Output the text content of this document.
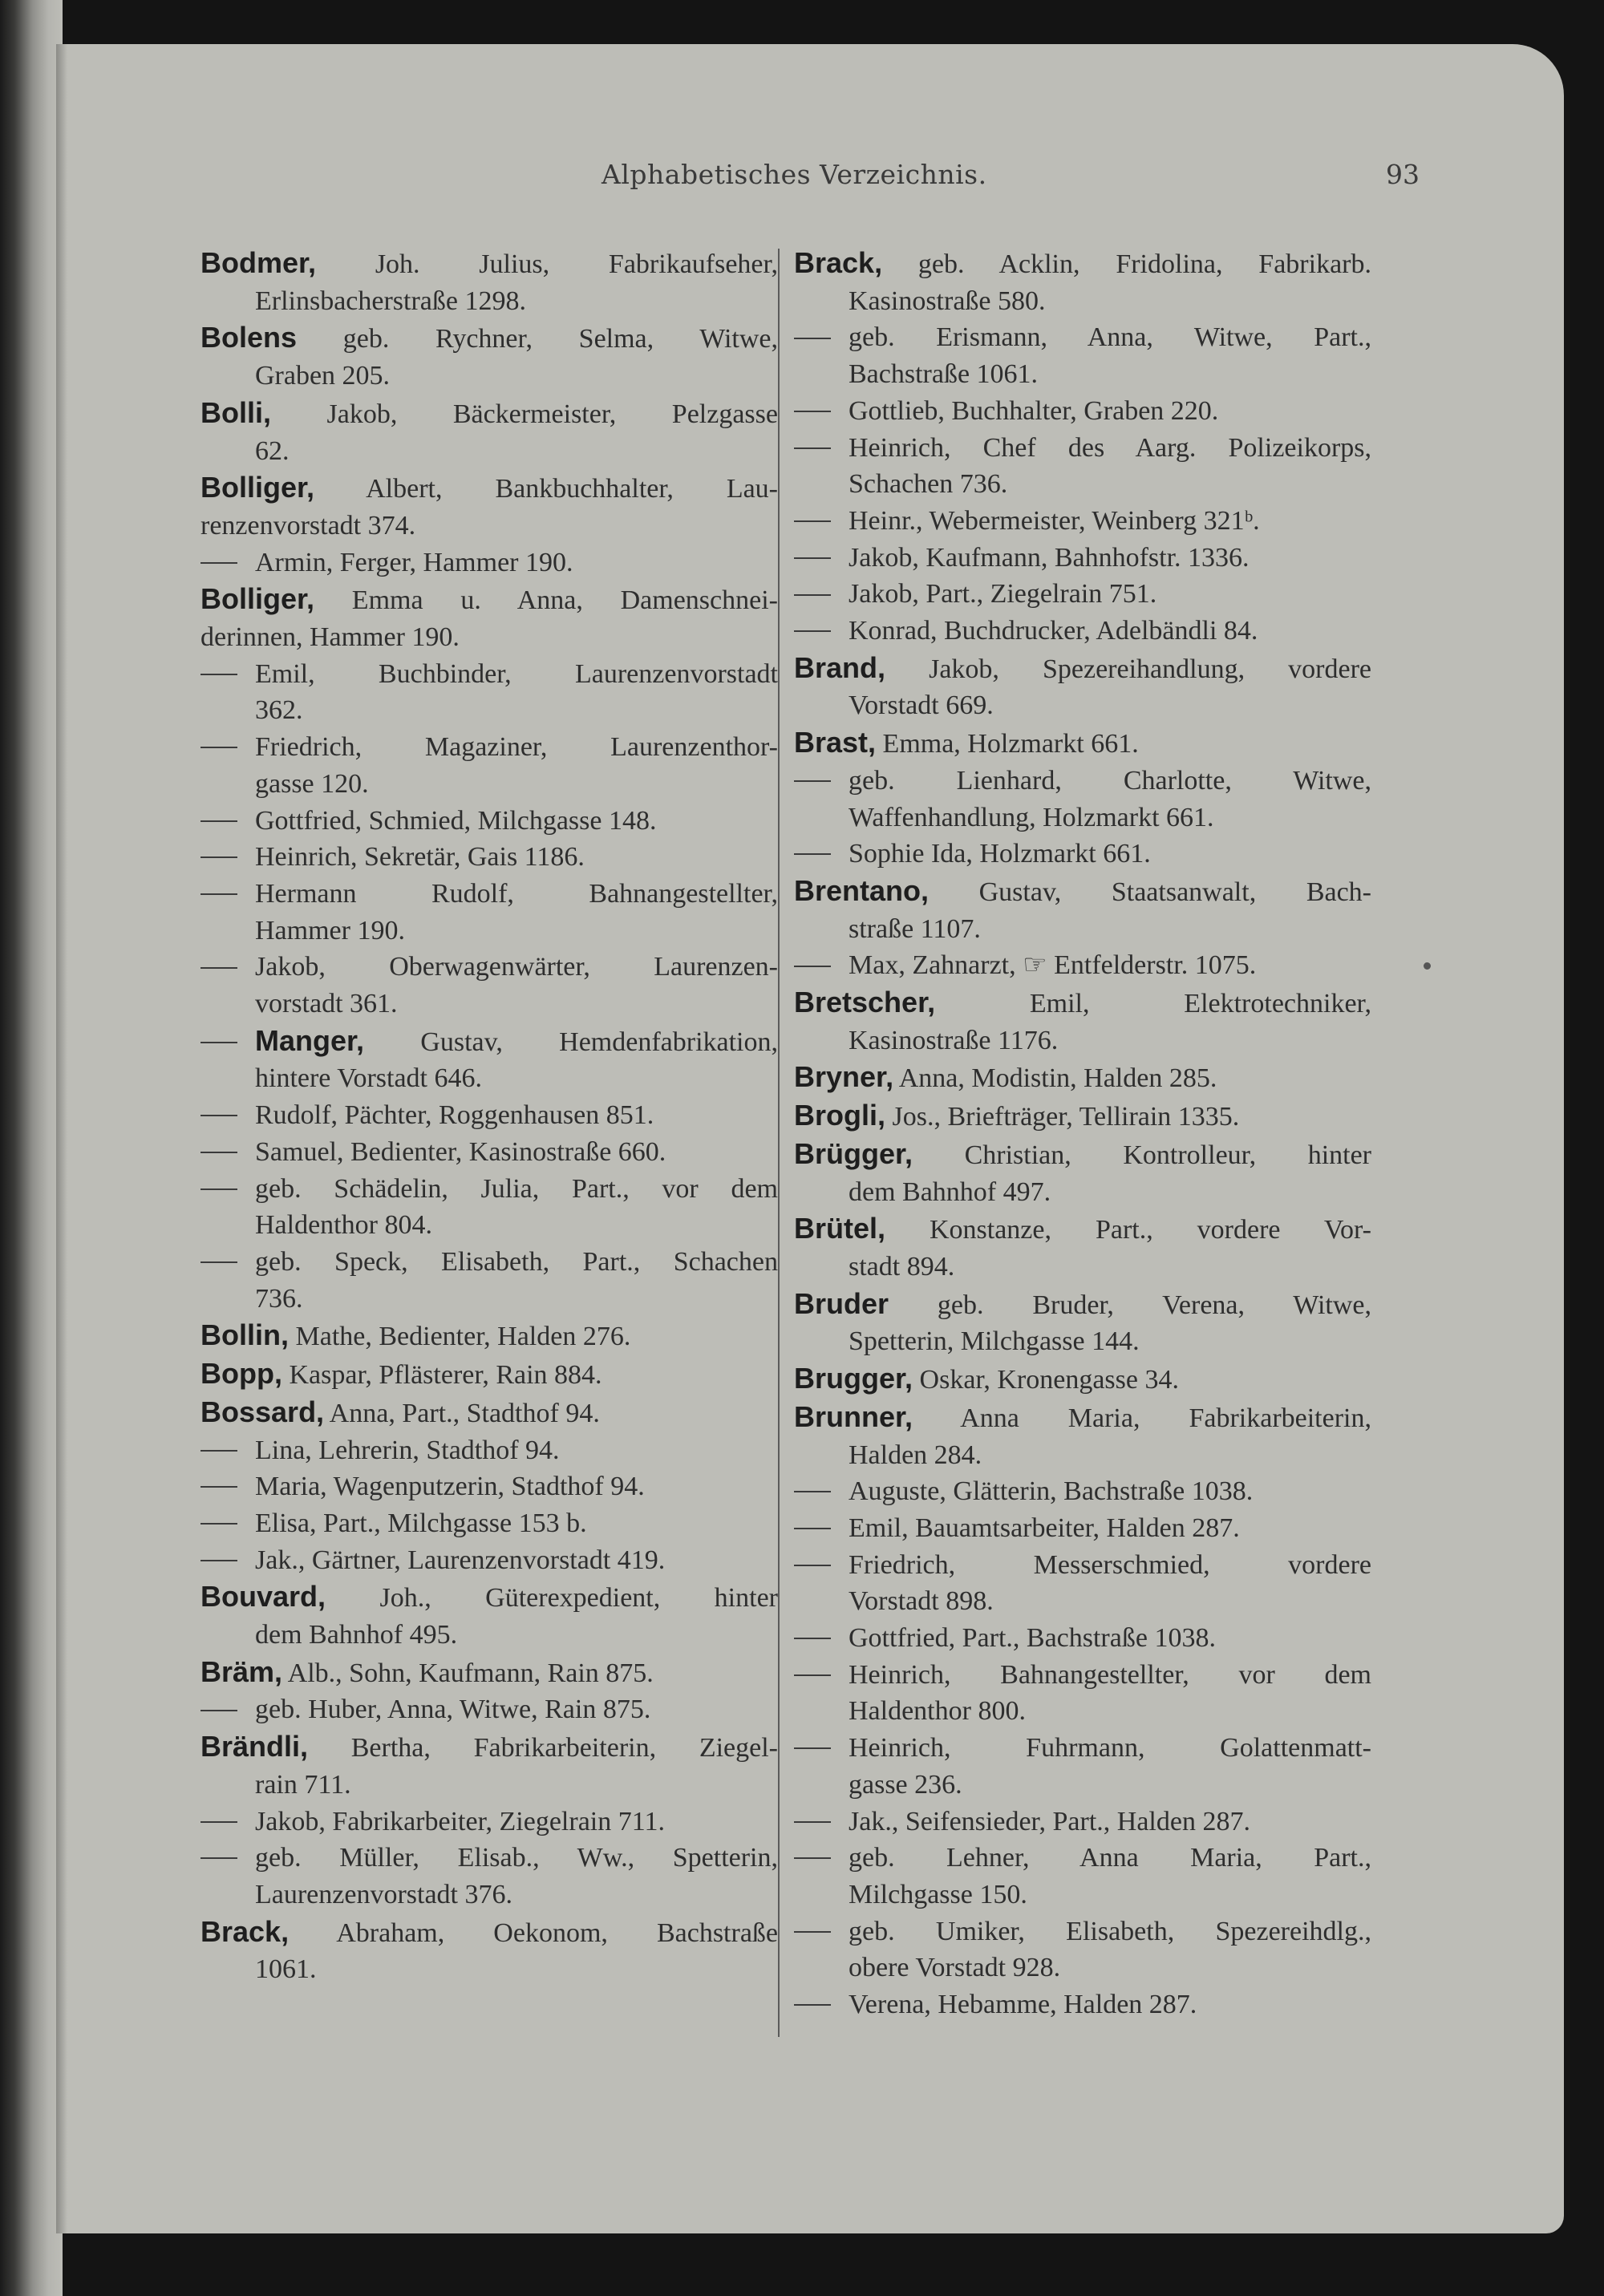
Alphabetisches Verzeichnis.	93
Bodmer, Joh. Julius, Fabrikaufseher,
Erlinsbacherstraße 1298.
Bolens geb. Rychner, Selma, Witwe,
Graben 205.
Bolli, Jakob, Bäckermeister, Pelzgasse
62.
Bolliger, Albert, Bankbuchhalter, Lau-
renzenvorstadt 374.
Armin, Ferger, Hammer 190.
Bolliger, Emma u. Anna, Damenschnei-
derinnen, Hammer 190.
Emil, Buchbinder, Laurenzenvorstadt
362.
Friedrich, Magaziner, Laurenzenthor-
gasse 120.
Gottfried, Schmied, Milchgasse 148.
Heinrich, Sekretär, Gais 1186.
Hermann Rudolf, Bahnangestellter,
Hammer 190.
Jakob, Oberwagenwärter, Laurenzen-
vorstadt 361.
Manger, Gustav, Hemdenfabrikation,
hintere Vorstadt 646.
Rudolf, Pächter, Roggenhausen 851.
Samuel, Bedienter, Kasinostraße 660.
geb. Schädelin, Julia, Part., vor dem
Haldenthor 804.
geb. Speck, Elisabeth, Part., Schachen
736.
Bollin, Mathe, Bedienter, Halden 276.
Bopp, Kaspar, Pflästerer, Rain 884.
Bossard, Anna, Part., Stadthof 94.
Lina, Lehrerin, Stadthof 94.
Maria, Wagenputzerin, Stadthof 94.
Elisa, Part., Milchgasse 153 b.
Jak., Gärtner, Laurenzenvorstadt 419.
Bouvard, Joh., Güterexpedient, hinter
dem Bahnhof 495.
Bräm, Alb., Sohn, Kaufmann, Rain 875.
geb. Huber, Anna, Witwe, Rain 875.
Brändli, Bertha, Fabrikarbeiterin, Ziegel-
rain 711.
Jakob, Fabrikarbeiter, Ziegelrain 711.
geb. Müller, Elisab., Ww., Spetterin,
Laurenzenvorstadt 376.
Brack, Abraham, Oekonom, Bachstraße
1061.
Brack, geb. Acklin, Fridolina, Fabrikarb.
Kasinostraße 580.
geb. Erismann, Anna, Witwe, Part.,
Bachstraße 1061.
Gottlieb, Buchhalter, Graben 220.
Heinrich, Chef des Aarg. Polizeikorps,
Schachen 736.
Heinr., Webermeister, Weinberg 321ᵇ.
Jakob, Kaufmann, Bahnhofstr. 1336.
Jakob, Part., Ziegelrain 751.
Konrad, Buchdrucker, Adelbändli 84.
Brand, Jakob, Spezereihandlung, vordere
Vorstadt 669.
Brast, Emma, Holzmarkt 661.
geb. Lienhard, Charlotte, Witwe,
Waffenhandlung, Holzmarkt 661.
Sophie Ida, Holzmarkt 661.
Brentano, Gustav, Staatsanwalt, Bach-
straße 1107.
Max, Zahnarzt, ☞ Entfelderstr. 1075.
Bretscher, Emil, Elektrotechniker,
Kasinostraße 1176.
Bryner, Anna, Modistin, Halden 285.
Brogli, Jos., Briefträger, Tellirain 1335.
Brügger, Christian, Kontrolleur, hinter
dem Bahnhof 497.
Brütel, Konstanze, Part., vordere Vor-
stadt 894.
Bruder geb. Bruder, Verena, Witwe,
Spetterin, Milchgasse 144.
Brugger, Oskar, Kronengasse 34.
Brunner, Anna Maria, Fabrikarbeiterin,
Halden 284.
Auguste, Glätterin, Bachstraße 1038.
Emil, Bauamtsarbeiter, Halden 287.
Friedrich, Messerschmied, vordere
Vorstadt 898.
Gottfried, Part., Bachstraße 1038.
Heinrich, Bahnangestellter, vor dem
Haldenthor 800.
Heinrich, Fuhrmann, Golattenmatt-
gasse 236.
Jak., Seifensieder, Part., Halden 287.
geb. Lehner, Anna Maria, Part.,
Milchgasse 150.
geb. Umiker, Elisabeth, Spezereihdlg.,
obere Vorstadt 928.
Verena, Hebamme, Halden 287.
